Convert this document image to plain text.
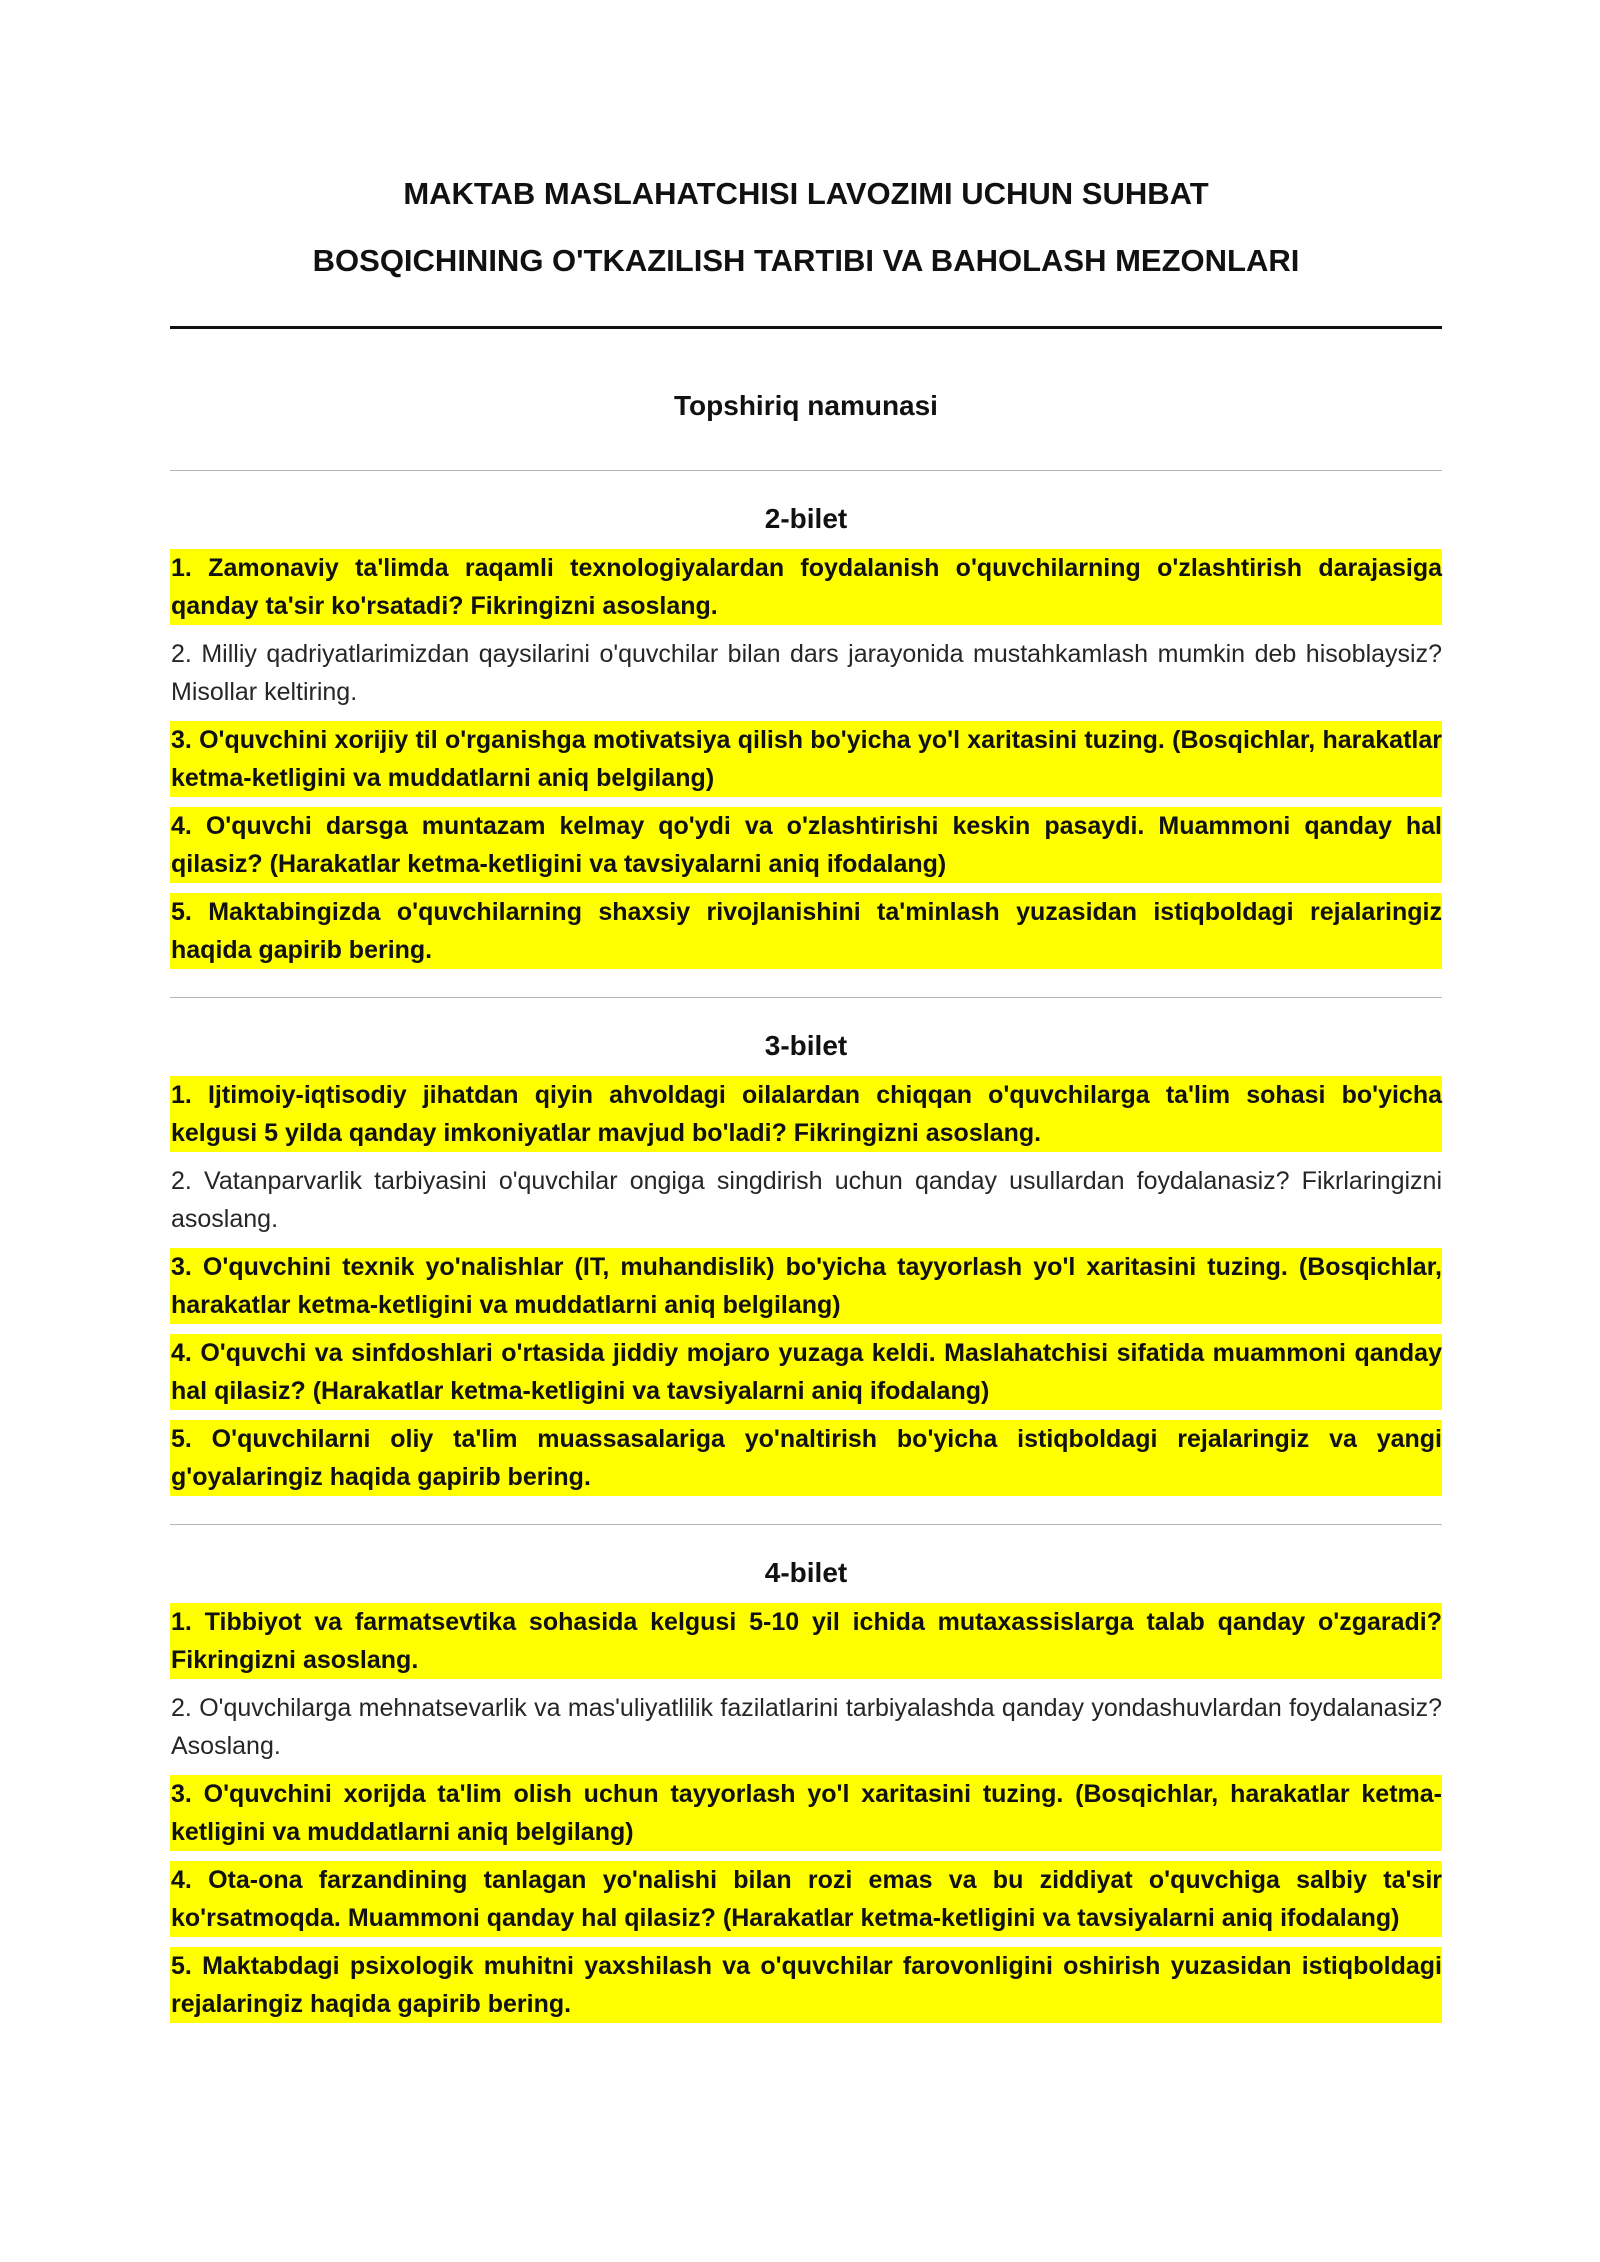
MAKTAB MASLAHATCHISI LAVOZIMI UCHUN SUHBAT

BOSQICHINING O'TKAZILISH TARTIBI VA BAHOLASH MEZONLARI

Topshiriq namunasi
2-bilet
1. Zamonaviy ta'limda raqamli texnologiyalardan foydalanish o'quvchilarning o'zlashtirish darajasiga qanday ta'sir ko'rsatadi? Fikringizni asoslang.
2. Milliy qadriyatlarimizdan qaysilarini o'quvchilar bilan dars jarayonida mustahkamlash mumkin deb hisoblaysiz? Misollar keltiring.
3. O'quvchini xorijiy til o'rganishga motivatsiya qilish bo'yicha yo'l xaritasini tuzing. (Bosqichlar, harakatlar ketma-ketligini va muddatlarni aniq belgilang)
4. O'quvchi darsga muntazam kelmay qo'ydi va o'zlashtirishi keskin pasaydi. Muammoni qanday hal qilasiz? (Harakatlar ketma-ketligini va tavsiyalarni aniq ifodalang)
5. Maktabingizda o'quvchilarning shaxsiy rivojlanishini ta'minlash yuzasidan istiqboldagi rejalaringiz haqida gapirib bering.
3-bilet
1. Ijtimoiy-iqtisodiy jihatdan qiyin ahvoldagi oilalardan chiqqan o'quvchilarga ta'lim sohasi bo'yicha kelgusi 5 yilda qanday imkoniyatlar mavjud bo'ladi? Fikringizni asoslang.
2. Vatanparvarlik tarbiyasini o'quvchilar ongiga singdirish uchun qanday usullardan foydalanasiz? Fikrlaringizni asoslang.
3. O'quvchini texnik yo'nalishlar (IT, muhandislik) bo'yicha tayyorlash yo'l xaritasini tuzing. (Bosqichlar, harakatlar ketma-ketligini va muddatlarni aniq belgilang)
4. O'quvchi va sinfdoshlari o'rtasida jiddiy mojaro yuzaga keldi. Maslahatchisi sifatida muammoni qanday hal qilasiz? (Harakatlar ketma-ketligini va tavsiyalarni aniq ifodalang)
5. O'quvchilarni oliy ta'lim muassasalariga yo'naltirish bo'yicha istiqboldagi rejalaringiz va yangi g'oyalaringiz haqida gapirib bering.
4-bilet
1. Tibbiyot va farmatsevtika sohasida kelgusi 5-10 yil ichida mutaxassislarga talab qanday o'zgaradi? Fikringizni asoslang.
2. O'quvchilarga mehnatsevarlik va mas'uliyatlilik fazilatlarini tarbiyalashda qanday yondashuvlardan foydalanasiz? Asoslang.
3. O'quvchini xorijda ta'lim olish uchun tayyorlash yo'l xaritasini tuzing. (Bosqichlar, harakatlar ketma-ketligini va muddatlarni aniq belgilang)
4. Ota-ona farzandining tanlagan yo'nalishi bilan rozi emas va bu ziddiyat o'quvchiga salbiy ta'sir ko'rsatmoqda. Muammoni qanday hal qilasiz? (Harakatlar ketma-ketligini va tavsiyalarni aniq ifodalang)
5. Maktabdagi psixologik muhitni yaxshilash va o'quvchilar farovonligini oshirish yuzasidan istiqboldagi rejalaringiz haqida gapirib bering.
